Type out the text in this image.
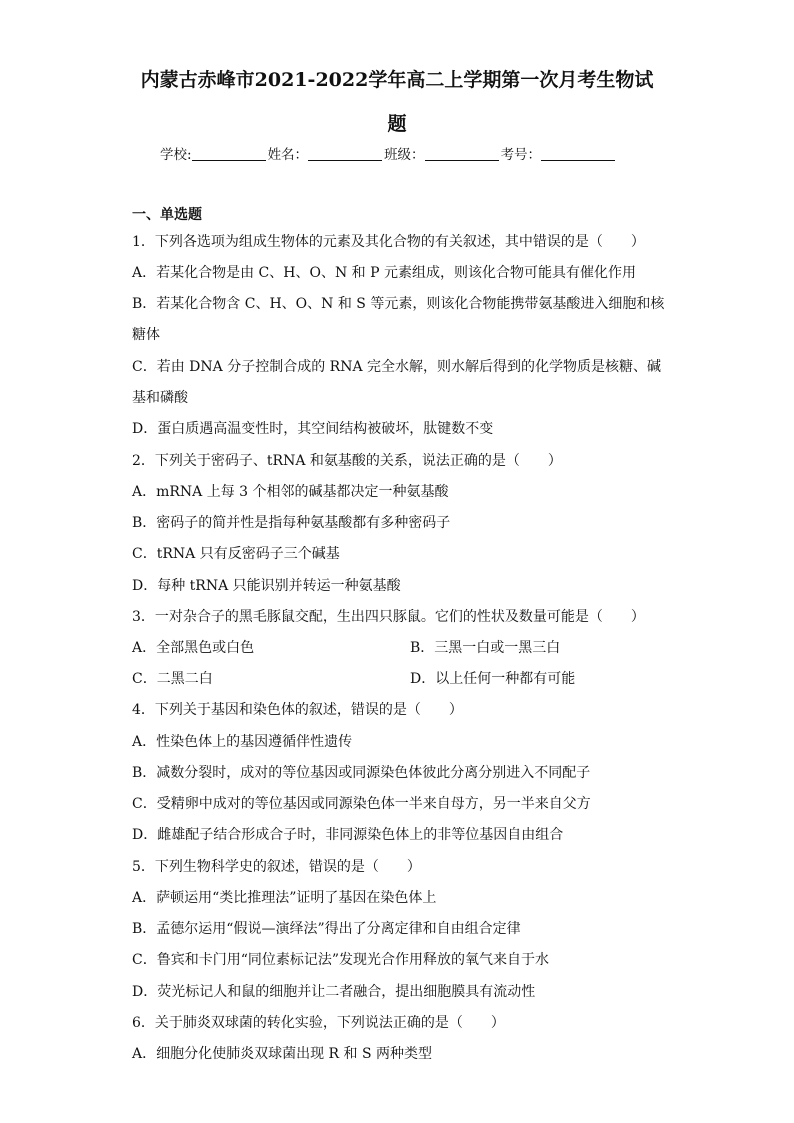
内蒙古赤峰市2021-2022学年高二上学期第一次月考生物试
题
学校:	姓名：	班级：	考号：
一、单选题
1．下列各选项为组成生物体的元素及其化合物的有关叙述，其中错误的是（　　）
A．若某化合物是由 C、H、O、N 和 P 元素组成，则该化合物可能具有催化作用
B．若某化合物含 C、H、O、N 和 S 等元素，则该化合物能携带氨基酸进入细胞和核
糖体
C．若由 DNA 分子控制合成的 RNA 完全水解，则水解后得到的化学物质是核糖、碱
基和磷酸
D．蛋白质遇高温变性时，其空间结构被破坏，肽键数不变
2．下列关于密码子、tRNA 和氨基酸的关系，说法正确的是（　　）
A．mRNA 上每 3 个相邻的碱基都决定一种氨基酸
B．密码子的简并性是指每种氨基酸都有多种密码子
C．tRNA 只有反密码子三个碱基
D．每种 tRNA 只能识别并转运一种氨基酸
3．一对杂合子的黑毛豚鼠交配，生出四只豚鼠。它们的性状及数量可能是（　　）
A．全部黑色或白色	B．三黑一白或一黑三白
C．二黑二白	D．以上任何一种都有可能
4．下列关于基因和染色体的叙述，错误的是（　　）
A．性染色体上的基因遵循伴性遗传
B．减数分裂时，成对的等位基因或同源染色体彼此分离分别进入不同配子
C．受精卵中成对的等位基因或同源染色体一半来自母方，另一半来自父方
D．雌雄配子结合形成合子时，非同源染色体上的非等位基因自由组合
5．下列生物科学史的叙述，错误的是（　　）
A．萨顿运用“类比推理法”证明了基因在染色体上
B．孟德尔运用“假说—演绎法”得出了分离定律和自由组合定律
C．鲁宾和卡门用“同位素标记法”发现光合作用释放的氧气来自于水
D．荧光标记人和鼠的细胞并让二者融合，提出细胞膜具有流动性
6．关于肺炎双球菌的转化实验，下列说法正确的是（　　）
A．细胞分化使肺炎双球菌出现 R 和 S 两种类型
